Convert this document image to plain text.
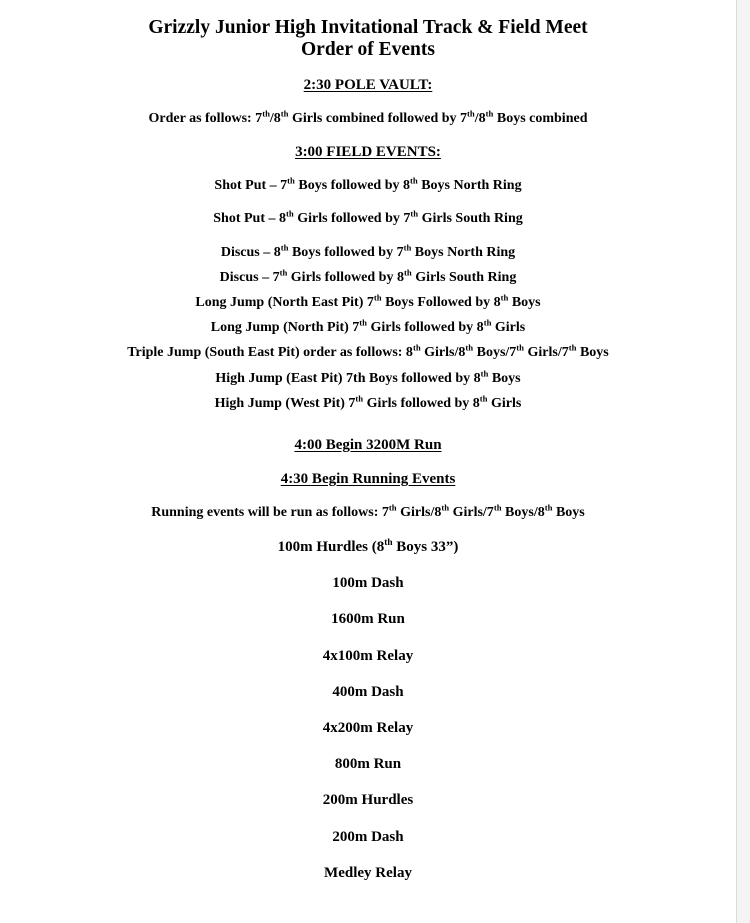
Grizzly Junior High Invitational Track & Field Meet
Order of Events
2:30 POLE VAULT:
Order as follows: 7th/8th Girls combined followed by 7th/8th Boys combined
3:00 FIELD EVENTS:
Shot Put – 7th Boys followed by 8th Boys North Ring
Shot Put – 8th Girls followed by 7th Girls South Ring
Discus – 8th Boys followed by 7th Boys North Ring
Discus – 7th Girls followed by 8th Girls South Ring
Long Jump (North East Pit) 7th Boys Followed by 8th Boys
Long Jump (North Pit) 7th Girls followed by 8th Girls
Triple Jump (South East Pit) order as follows: 8th Girls/8th Boys/7th Girls/7th Boys
High Jump (East Pit) 7th Boys followed by 8th Boys
High Jump (West Pit) 7th Girls followed by 8th Girls
4:00 Begin 3200M Run
4:30 Begin Running Events
Running events will be run as follows: 7th Girls/8th Girls/7th Boys/8th Boys
100m Hurdles (8th Boys 33”)
100m Dash
1600m Run
4x100m Relay
400m Dash
4x200m Relay
800m Run
200m Hurdles
200m Dash
Medley Relay
